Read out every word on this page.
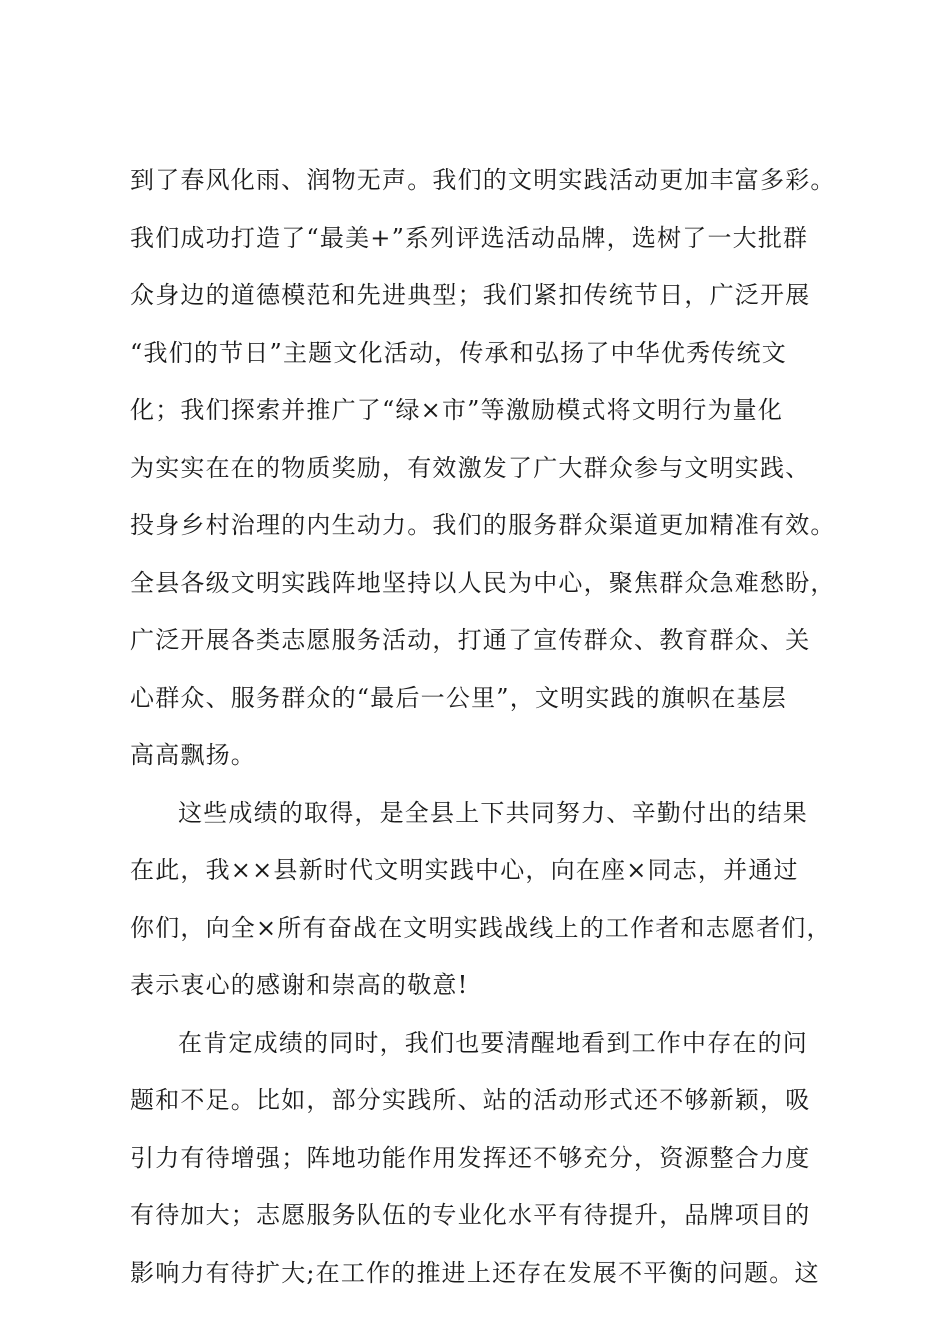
到了春风化雨、润物无声。我们的文明实践活动更加丰富多彩。
我们成功打造了“最美+”系列评选活动品牌，选树了一大批群
众身边的道德模范和先进典型；我们紧扣传统节日，广泛开展
“我们的节日”主题文化活动，传承和弘扬了中华优秀传统文
化；我们探索并推广了“绿×市”等激励模式将文明行为量化
为实实在在的物质奖励，有效激发了广大群众参与文明实践、
投身乡村治理的内生动力。我们的服务群众渠道更加精准有效。
全县各级文明实践阵地坚持以人民为中心，聚焦群众急难愁盼，
广泛开展各类志愿服务活动，打通了宣传群众、教育群众、关
心群众、服务群众的“最后一公里”，文明实践的旗帜在基层
高高飘扬。
这些成绩的取得，是全县上下共同努力、辛勤付出的结果
在此，我××县新时代文明实践中心，向在座×同志，并通过
你们，向全×所有奋战在文明实践战线上的工作者和志愿者们，
表示衷心的感谢和崇高的敬意!
在肯定成绩的同时，我们也要清醒地看到工作中存在的问
题和不足。比如，部分实践所、站的活动形式还不够新颖，吸
引力有待增强；阵地功能作用发挥还不够充分，资源整合力度
有待加大；志愿服务队伍的专业化水平有待提升，品牌项目的
影响力有待扩大;在工作的推进上还存在发展不平衡的问题。这
